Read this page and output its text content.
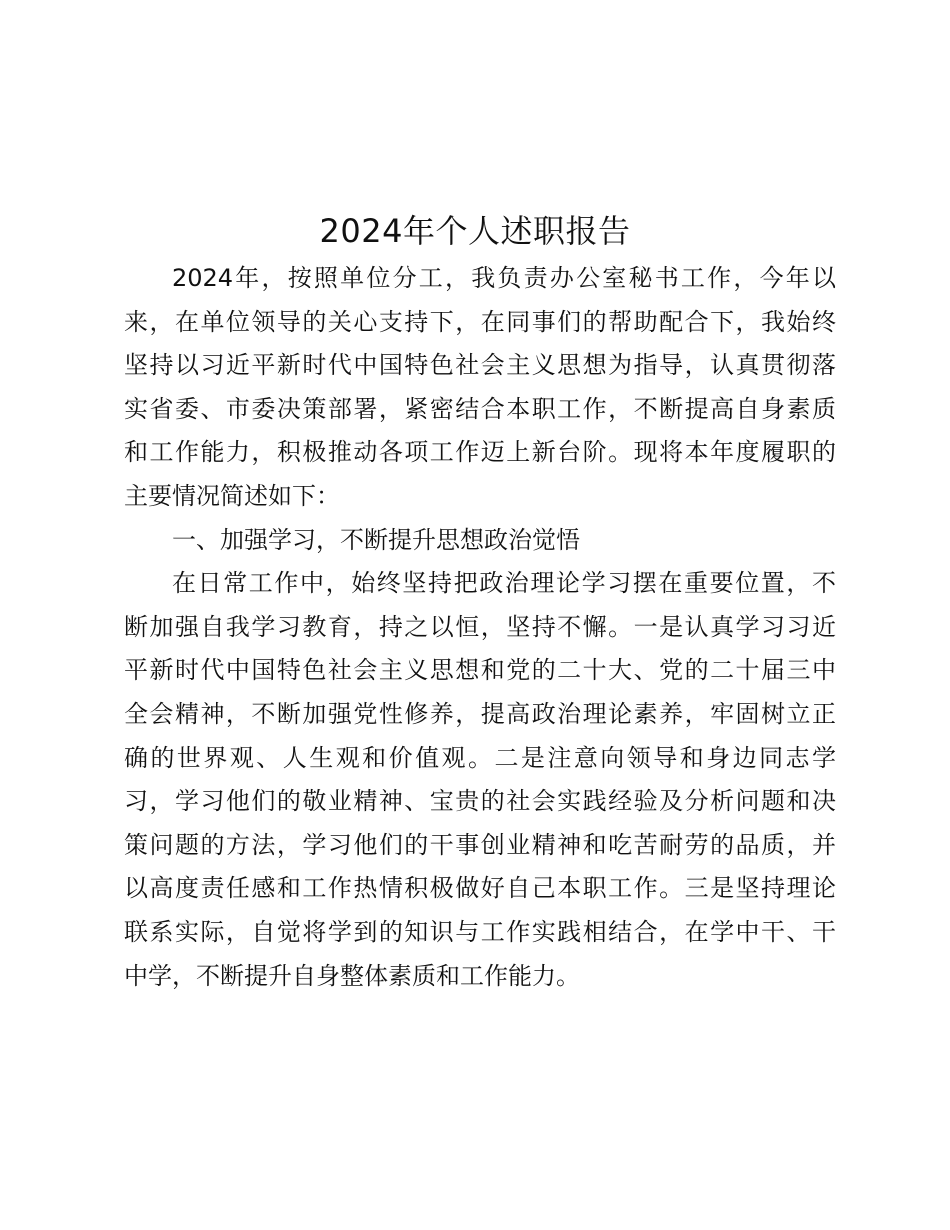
2024年个人述职报告
2024年，按照单位分工，我负责办公室秘书工作，今年以
来，在单位领导的关心支持下，在同事们的帮助配合下，我始终
坚持以习近平新时代中国特色社会主义思想为指导，认真贯彻落
实省委、市委决策部署，紧密结合本职工作，不断提高自身素质
和工作能力，积极推动各项工作迈上新台阶。现将本年度履职的
主要情况简述如下：
一、加强学习，不断提升思想政治觉悟
在日常工作中，始终坚持把政治理论学习摆在重要位置，不
断加强自我学习教育，持之以恒，坚持不懈。一是认真学习习近
平新时代中国特色社会主义思想和党的二十大、党的二十届三中
全会精神，不断加强党性修养，提高政治理论素养，牢固树立正
确的世界观、人生观和价值观。二是注意向领导和身边同志学
习，学习他们的敬业精神、宝贵的社会实践经验及分析问题和决
策问题的方法，学习他们的干事创业精神和吃苦耐劳的品质，并
以高度责任感和工作热情积极做好自己本职工作。三是坚持理论
联系实际，自觉将学到的知识与工作实践相结合，在学中干、干
中学，不断提升自身整体素质和工作能力。
